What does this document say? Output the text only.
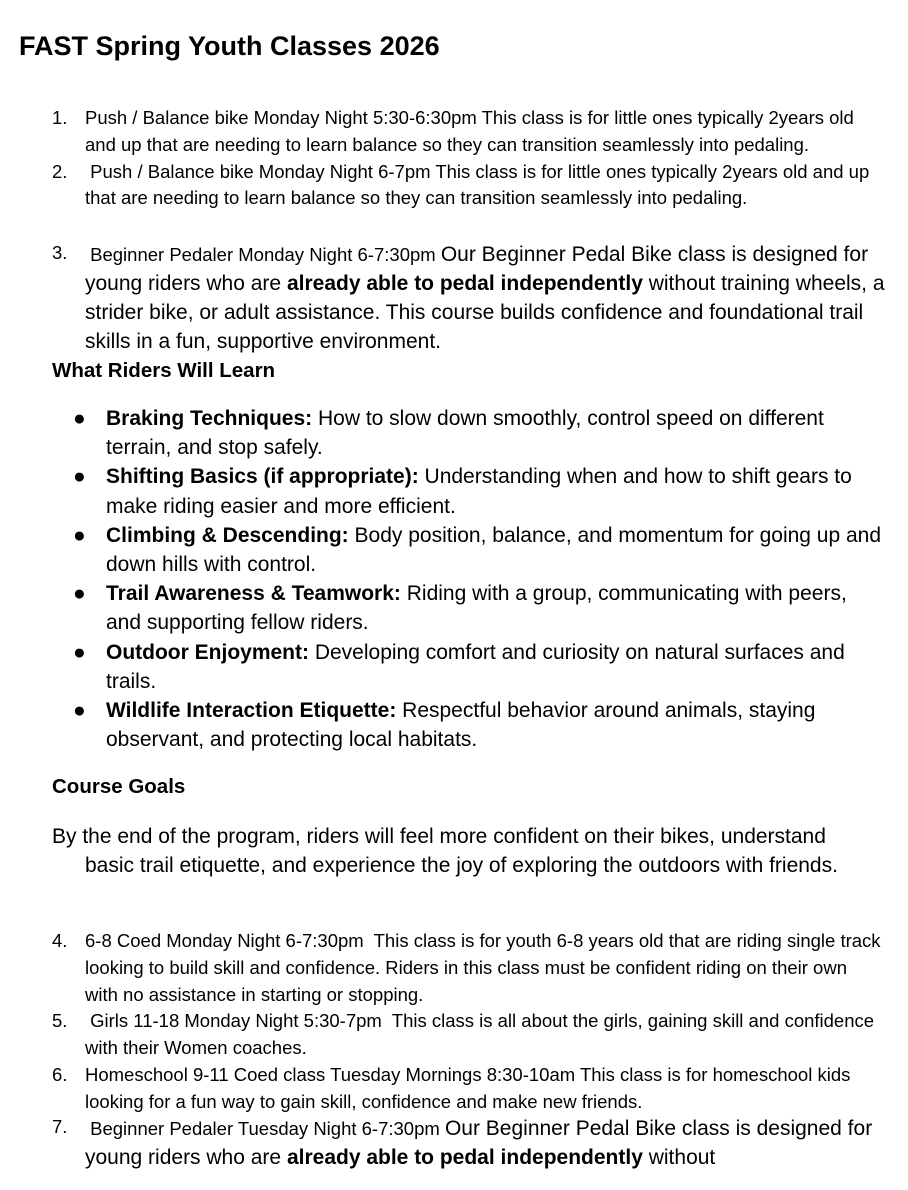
FAST Spring Youth Classes 2026
1. Push / Balance bike Monday Night 5:30-6:30pm This class is for little ones typically 2years old and up that are needing to learn balance so they can transition seamlessly into pedaling.
2. Push / Balance bike Monday Night 6-7pm This class is for little ones typically 2years old and up that are needing to learn balance so they can transition seamlessly into pedaling.
3. Beginner Pedaler Monday Night 6-7:30pm Our Beginner Pedal Bike class is designed for young riders who are already able to pedal independently without training wheels, a strider bike, or adult assistance. This course builds confidence and foundational trail skills in a fun, supportive environment.
What Riders Will Learn
● Braking Techniques: How to slow down smoothly, control speed on different terrain, and stop safely.
● Shifting Basics (if appropriate): Understanding when and how to shift gears to make riding easier and more efficient.
● Climbing & Descending: Body position, balance, and momentum for going up and down hills with control.
● Trail Awareness & Teamwork: Riding with a group, communicating with peers, and supporting fellow riders.
● Outdoor Enjoyment: Developing comfort and curiosity on natural surfaces and trails.
● Wildlife Interaction Etiquette: Respectful behavior around animals, staying observant, and protecting local habitats.
Course Goals
By the end of the program, riders will feel more confident on their bikes, understand
basic trail etiquette, and experience the joy of exploring the outdoors with friends.
4. 6-8 Coed Monday Night 6-7:30pm  This class is for youth 6-8 years old that are riding single track looking to build skill and confidence. Riders in this class must be confident riding on their own with no assistance in starting or stopping.
5. Girls 11-18 Monday Night 5:30-7pm  This class is all about the girls, gaining skill and confidence with their Women coaches.
6. Homeschool 9-11 Coed class Tuesday Mornings 8:30-10am This class is for homeschool kids looking for a fun way to gain skill, confidence and make new friends.
7. Beginner Pedaler Tuesday Night 6-7:30pm Our Beginner Pedal Bike class is designed for young riders who are already able to pedal independently without
